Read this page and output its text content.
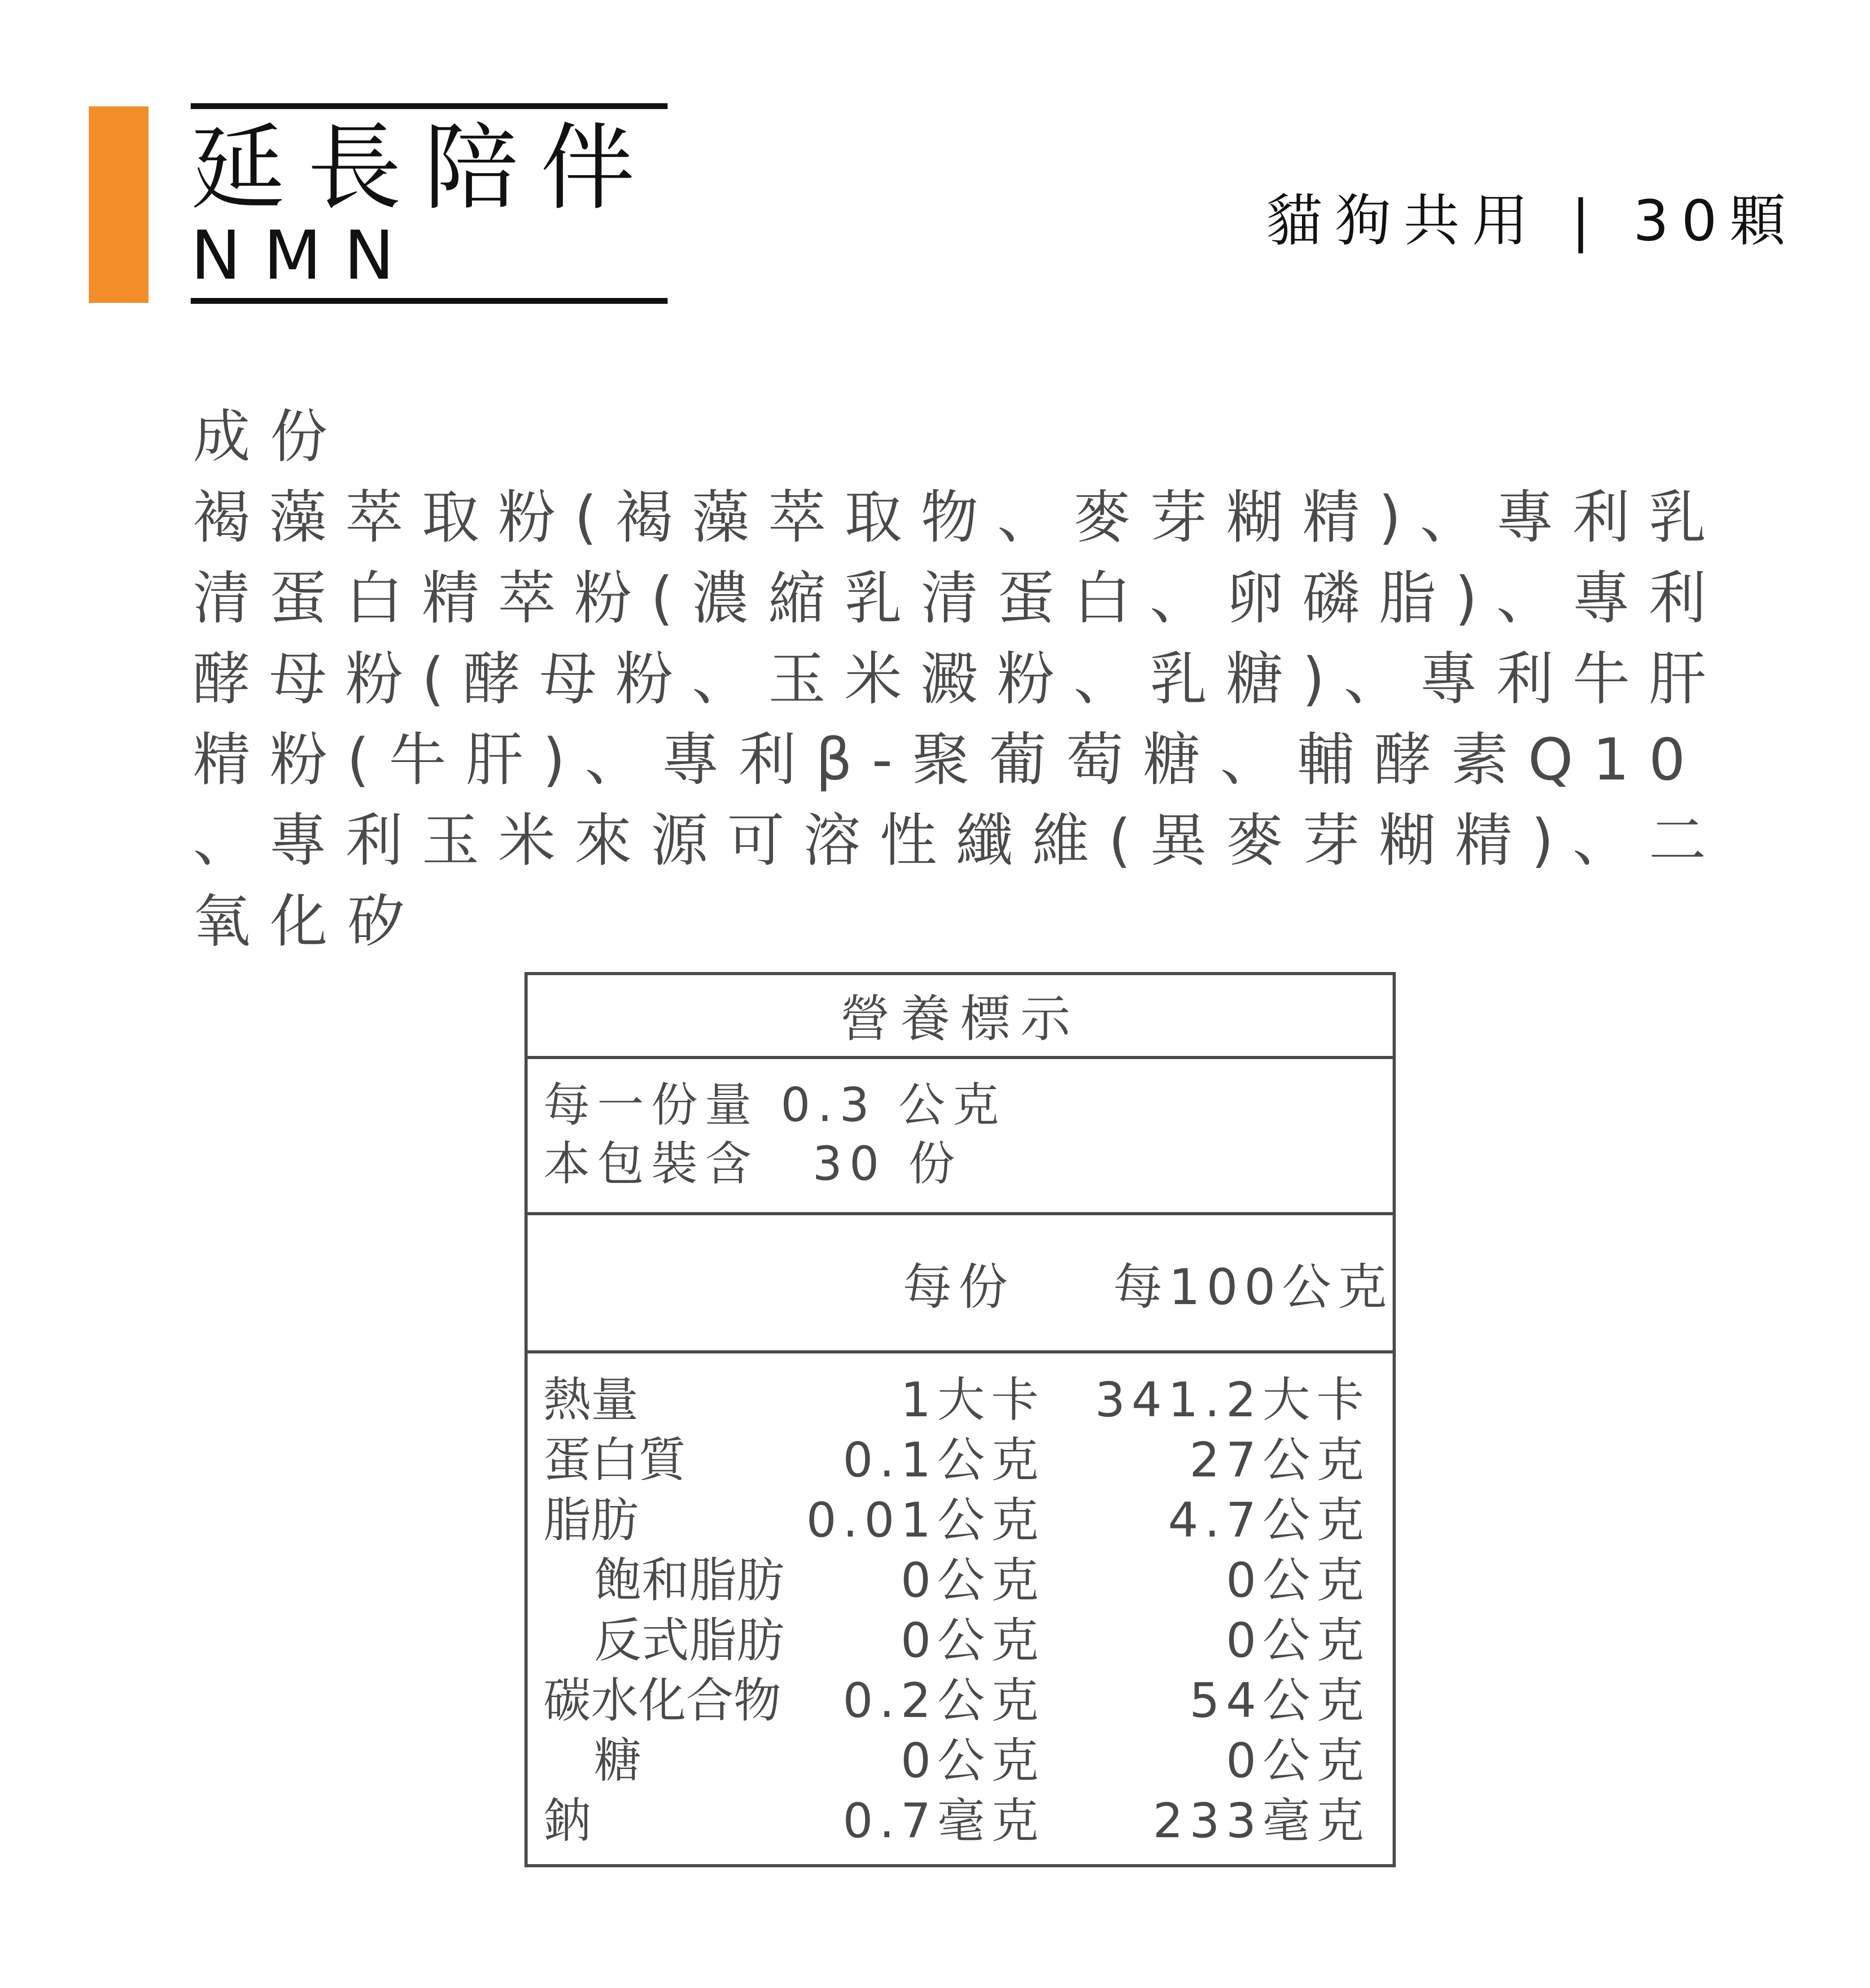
延長陪伴
NMN	貓狗共用 | 30顆
成份
褐藻萃取粉(褐藻萃取物、麥芽糊精)、專利乳
清蛋白精萃粉(濃縮乳清蛋白、卵磷脂)、專利
酵母粉(酵母粉、玉米澱粉、乳糖)、專利牛肝
精粉(牛肝)、專利β-聚葡萄糖、輔酵素Q10
、專利玉米來源可溶性纖維(異麥芽糊精)、二
氧化矽
營養標示
每一份量 0.3 公克
本包裝含　30 份
每份 每100公克
熱量	1大卡 341.2大卡
蛋白質	0.1公克	27公克
脂肪	0.01公克	4.7公克
飽和脂肪 0公克	0公克
反式脂肪 0公克	0公克
碳水化合物 0.2公克	54公克
糖	0公克	0公克
鈉	0.7毫克 233毫克
